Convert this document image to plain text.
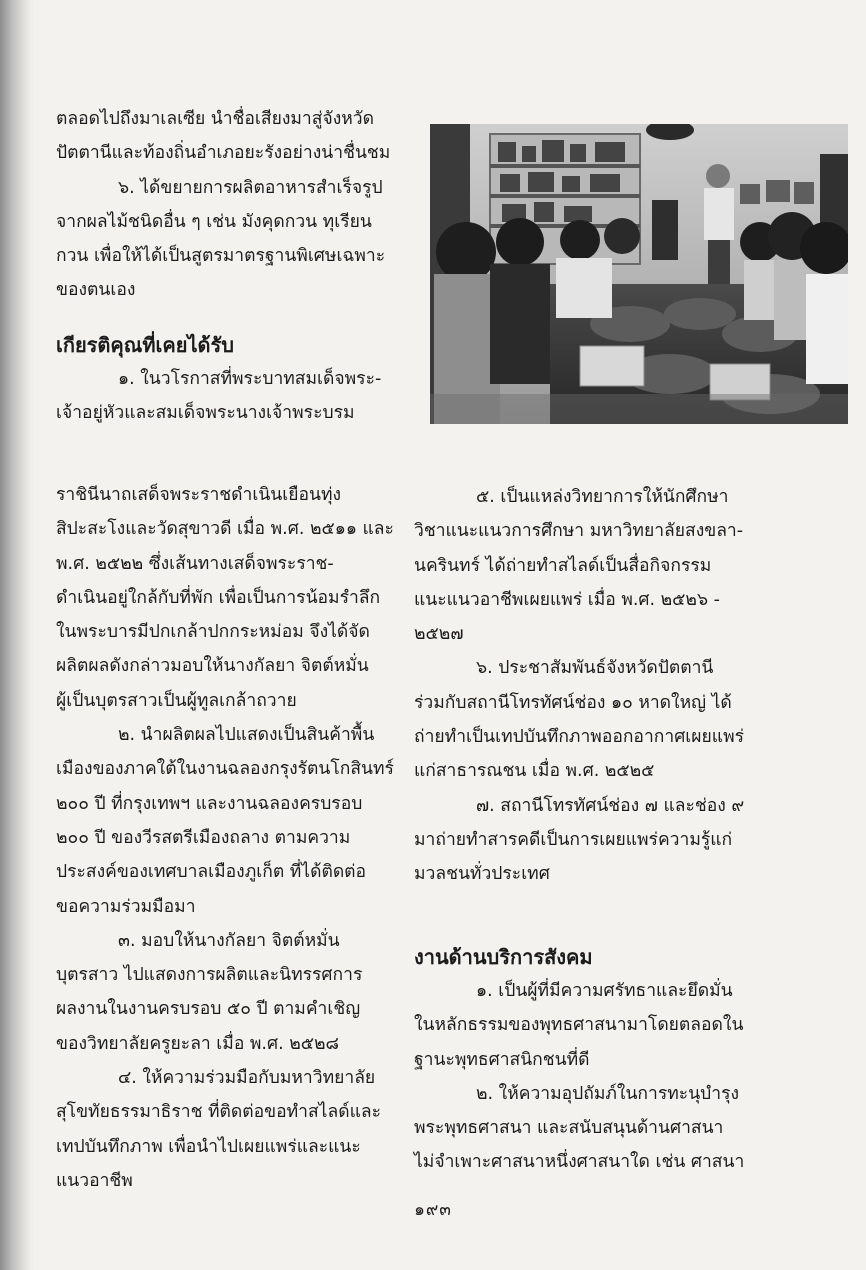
ตลอดไปถึงมาเลเซีย นำชื่อเสียงมาสู่จังหวัด

ปัตตานีและท้องถิ่นอำเภอยะรังอย่างน่าชื่นชม

๖. ได้ขยายการผลิตอาหารสำเร็จรูป

จากผลไม้ชนิดอื่น ๆ เช่น มังคุดกวน ทุเรียน

กวน เพื่อให้ได้เป็นสูตรมาตรฐานพิเศษเฉพาะ

ของตนเอง

เกียรติคุณที่เคยได้รับ

๑. ในวโรกาสที่พระบาทสมเด็จพระ-

เจ้าอยู่หัวและสมเด็จพระนางเจ้าพระบรม

ราชินีนาถเสด็จพระราชดำเนินเยือนทุ่ง

สิปะสะโงและวัดสุขาวดี เมื่อ พ.ศ. ๒๕๑๑ และ

พ.ศ. ๒๕๒๒ ซึ่งเส้นทางเสด็จพระราช-

ดำเนินอยู่ใกล้กับที่พัก เพื่อเป็นการน้อมรำลึก

ในพระบารมีปกเกล้าปกกระหม่อม จึงได้จัด

ผลิตผลดังกล่าวมอบให้นางกัลยา จิตต์หมั่น

ผู้เป็นบุตรสาวเป็นผู้ทูลเกล้าถวาย

๒. นำผลิตผลไปแสดงเป็นสินค้าพื้น

เมืองของภาคใต้ในงานฉลองกรุงรัตนโกสินทร์

๒๐๐ ปี ที่กรุงเทพฯ และงานฉลองครบรอบ

๒๐๐ ปี ของวีรสตรีเมืองถลาง ตามความ

ประสงค์ของเทศบาลเมืองภูเก็ต ที่ได้ติดต่อ

ขอความร่วมมือมา

๓. มอบให้นางกัลยา จิตต์หมั่น

บุตรสาว ไปแสดงการผลิตและนิทรรศการ

ผลงานในงานครบรอบ ๕๐ ปี ตามคำเชิญ

ของวิทยาลัยครูยะลา เมื่อ พ.ศ. ๒๕๒๘

๔. ให้ความร่วมมือกับมหาวิทยาลัย

สุโขทัยธรรมาธิราช ที่ติดต่อขอทำสไลด์และ

เทปบันทึกภาพ เพื่อนำไปเผยแพร่และแนะ

แนวอาชีพ

๕. เป็นแหล่งวิทยาการให้นักศึกษา

วิชาแนะแนวการศึกษา มหาวิทยาลัยสงขลา-

นครินทร์ ได้ถ่ายทำสไลด์เป็นสื่อกิจกรรม

แนะแนวอาชีพเผยแพร่ เมื่อ พ.ศ. ๒๕๒๖ -

๒๕๒๗

๖. ประชาสัมพันธ์จังหวัดปัตตานี

ร่วมกับสถานีโทรทัศน์ช่อง ๑๐ หาดใหญ่ ได้

ถ่ายทำเป็นเทปบันทึกภาพออกอากาศเผยแพร่

แก่สาธารณชน เมื่อ พ.ศ. ๒๕๒๕

๗. สถานีโทรทัศน์ช่อง ๗ และช่อง ๙

มาถ่ายทำสารคดีเป็นการเผยแพร่ความรู้แก่

มวลชนทั่วประเทศ

งานด้านบริการสังคม

๑. เป็นผู้ที่มีความศรัทธาและยึดมั่น

ในหลักธรรมของพุทธศาสนามาโดยตลอดใน

ฐานะพุทธศาสนิกชนที่ดี

๒. ให้ความอุปถัมภ์ในการทะนุบำรุง

พระพุทธศาสนา และสนับสนุนด้านศาสนา

ไม่จำเพาะศาสนาหนึ่งศาสนาใด เช่น ศาสนา

๑๙๓
